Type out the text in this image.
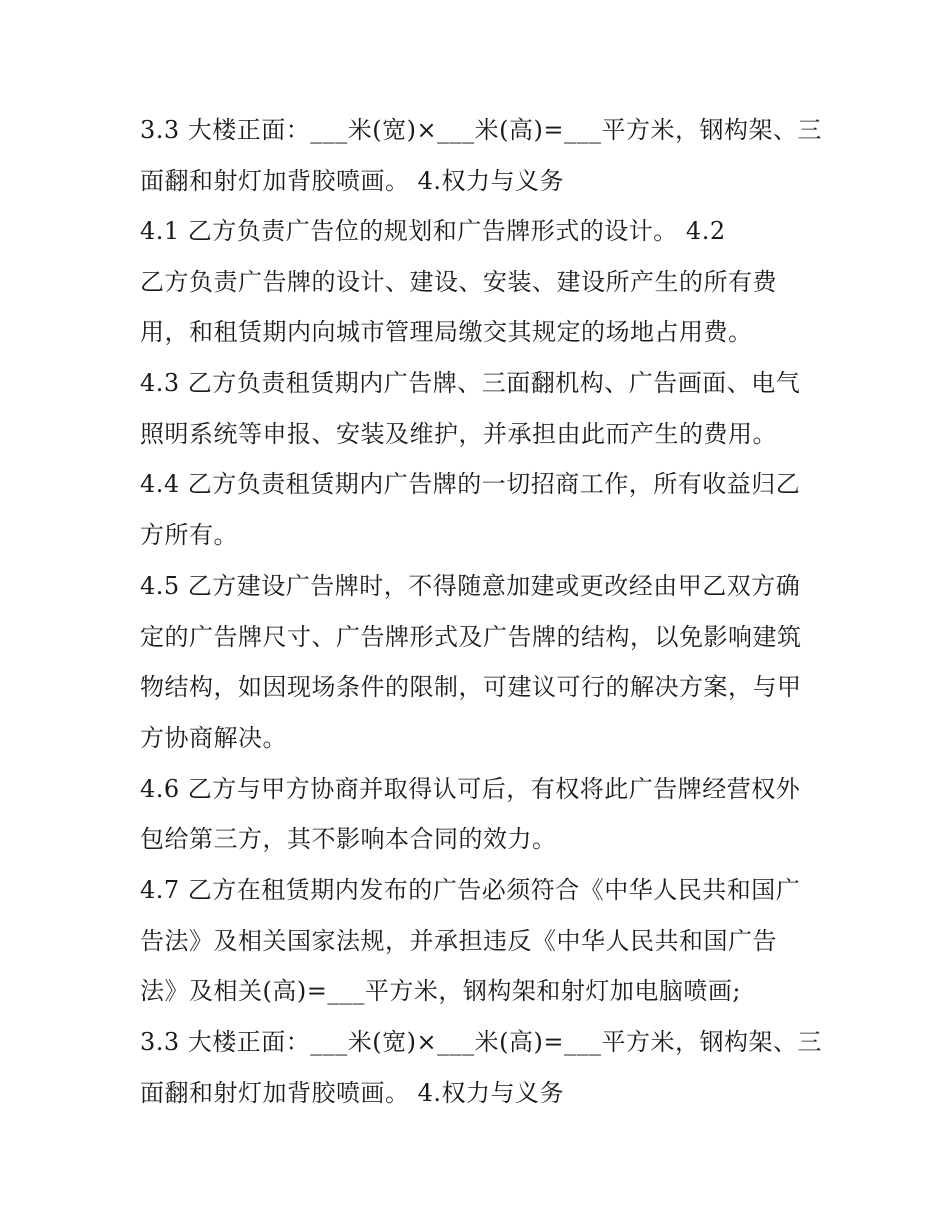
3.3 大楼正面：___米(宽)×___米(高)=___平方米，钢构架、三
面翻和射灯加背胶喷画。 4.权力与义务
4.1 乙方负责广告位的规划和广告牌形式的设计。 4.2
乙方负责广告牌的设计、建设、安装、建设所产生的所有费
用，和租赁期内向城市管理局缴交其规定的场地占用费。
4.3 乙方负责租赁期内广告牌、三面翻机构、广告画面、电气
照明系统等申报、安装及维护，并承担由此而产生的费用。
4.4 乙方负责租赁期内广告牌的一切招商工作，所有收益归乙
方所有。
4.5 乙方建设广告牌时，不得随意加建或更改经由甲乙双方确
定的广告牌尺寸、广告牌形式及广告牌的结构，以免影响建筑
物结构，如因现场条件的限制，可建议可行的解决方案，与甲
方协商解决。
4.6 乙方与甲方协商并取得认可后，有权将此广告牌经营权外
包给第三方，其不影响本合同的效力。
4.7 乙方在租赁期内发布的广告必须符合《中华人民共和国广
告法》及相关国家法规，并承担违反《中华人民共和国广告
法》及相关(高)=___平方米，钢构架和射灯加电脑喷画;
3.3 大楼正面：___米(宽)×___米(高)=___平方米，钢构架、三
面翻和射灯加背胶喷画。 4.权力与义务
